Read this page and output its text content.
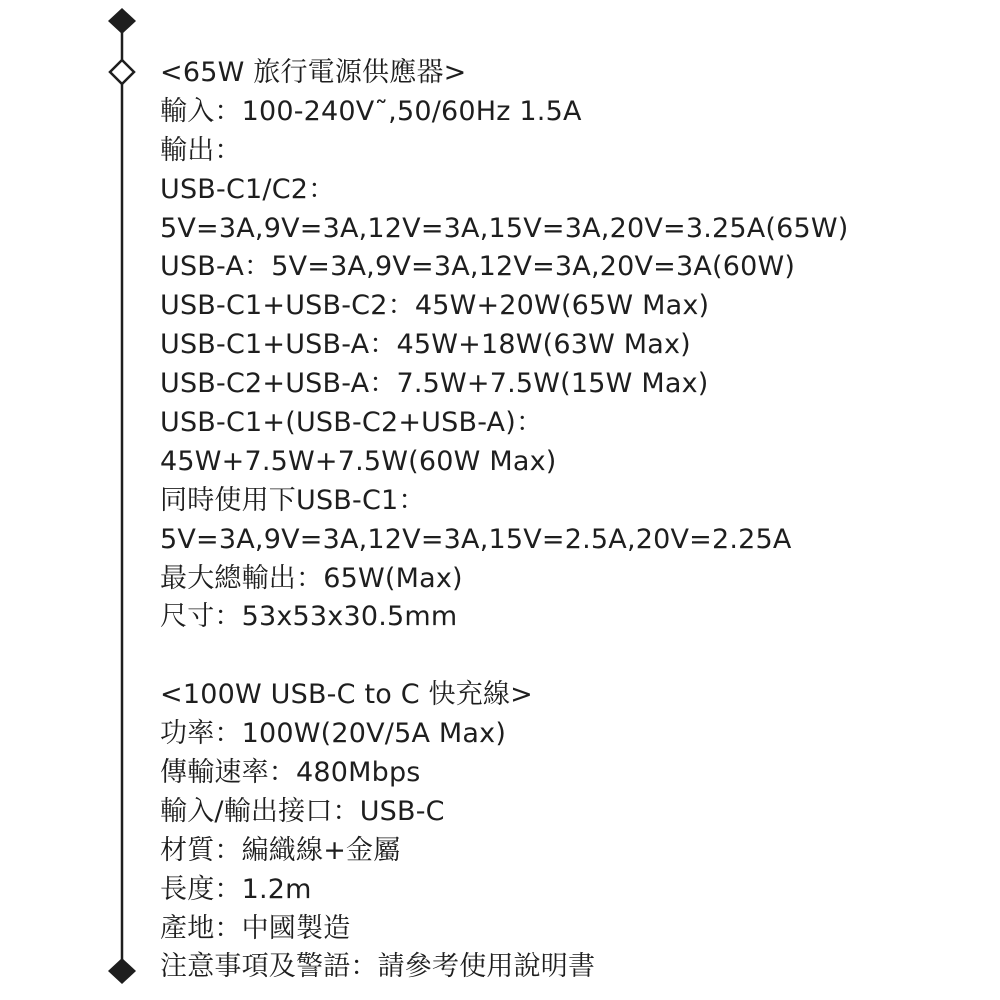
<65W 旅行電源供應器>
輸入：100-240V˜,50/60Hz 1.5A
輸出：
USB-C1/C2：
5V=3A,9V=3A,12V=3A,15V=3A,20V=3.25A(65W)
USB-A：5V=3A,9V=3A,12V=3A,20V=3A(60W)
USB-C1+USB-C2：45W+20W(65W Max)
USB-C1+USB-A：45W+18W(63W Max)
USB-C2+USB-A：7.5W+7.5W(15W Max)
USB-C1+(USB-C2+USB-A)：
45W+7.5W+7.5W(60W Max)
同時使用下USB-C1：
5V=3A,9V=3A,12V=3A,15V=2.5A,20V=2.25A
最大總輸出：65W(Max)
尺寸：53x53x30.5mm
<100W USB-C to C 快充線>
功率：100W(20V/5A Max)
傳輸速率：480Mbps
輸入/輸出接口：USB-C
材質：編織線+金屬
長度：1.2m
產地：中國製造
注意事項及警語：請參考使用說明書
